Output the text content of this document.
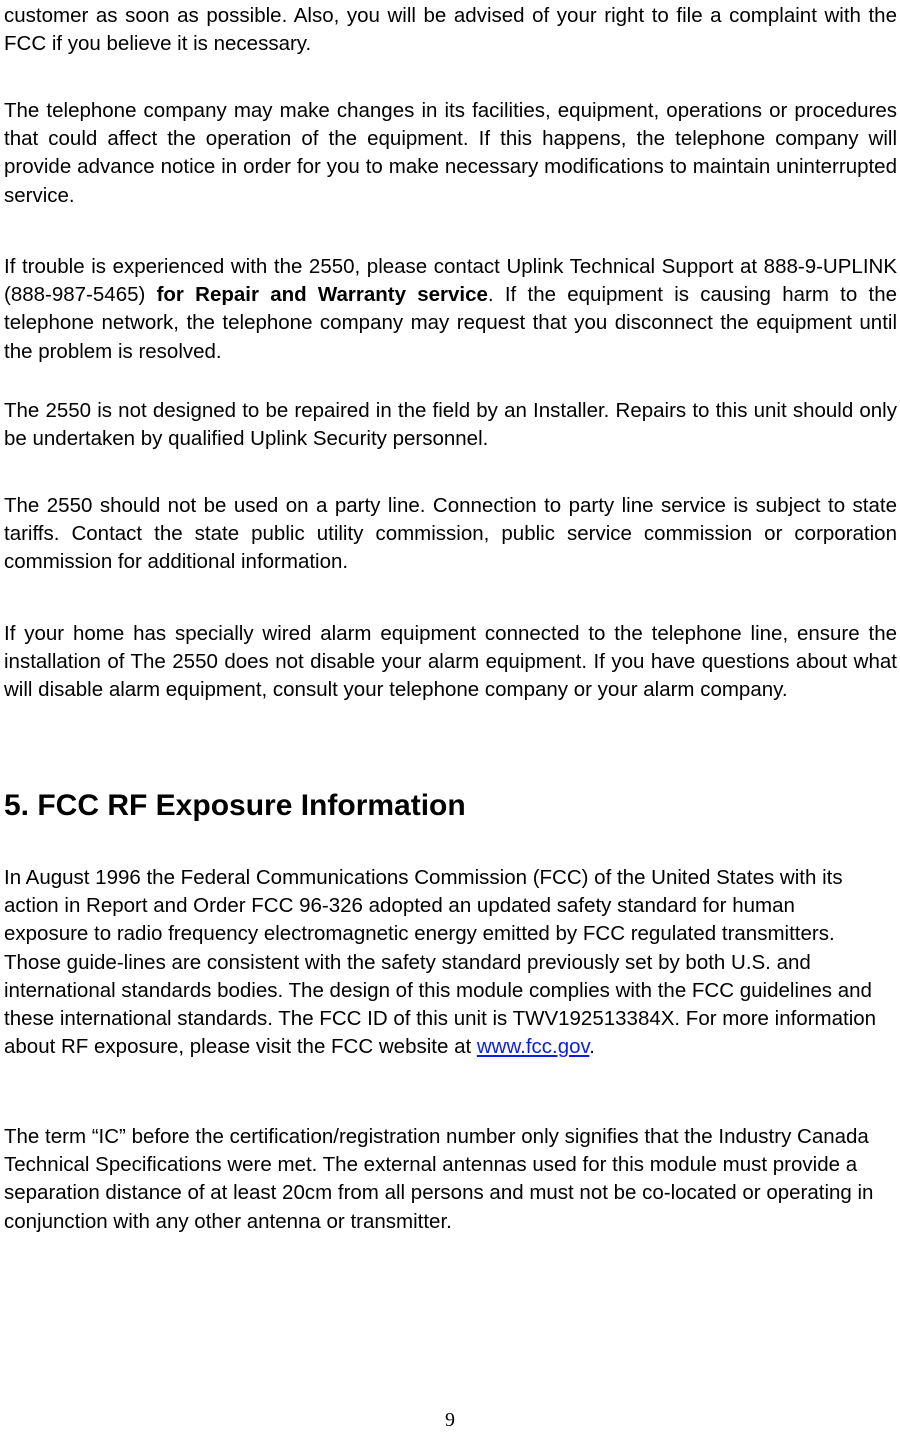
customer as soon as possible. Also, you will be advised of your right to file a complaint with the FCC if you believe it is necessary.

The telephone company may make changes in its facilities, equipment, operations or procedures that could affect the operation of the equipment. If this happens, the telephone company will provide advance notice in order for you to make necessary modifications to maintain uninterrupted service.

If trouble is experienced with the 2550, please contact Uplink Technical Support at 888-9-UPLINK (888-987-5465) for Repair and Warranty service. If the equipment is causing harm to the telephone network, the telephone company may request that you disconnect the equipment until the problem is resolved.

The 2550 is not designed to be repaired in the field by an Installer. Repairs to this unit should only be undertaken by qualified Uplink Security personnel.

The 2550 should not be used on a party line. Connection to party line service is subject to state tariffs. Contact the state public utility commission, public service commission or corporation commission for additional information.

If your home has specially wired alarm equipment connected to the telephone line, ensure the installation of The 2550 does not disable your alarm equipment. If you have questions about what will disable alarm equipment, consult your telephone company or your alarm company.

5. FCC RF Exposure Information

In August 1996 the Federal Communications Commission (FCC) of the United States with its action in Report and Order FCC 96-326 adopted an updated safety standard for human exposure to radio frequency electromagnetic energy emitted by FCC regulated transmitters. Those guide-lines are consistent with the safety standard previously set by both U.S. and international standards bodies. The design of this module complies with the FCC guidelines and these international standards. The FCC ID of this unit is TWV192513384X. For more information about RF exposure, please visit the FCC website at www.fcc.gov.

The term “IC” before the certification/registration number only signifies that the Industry Canada Technical Specifications were met. The external antennas used for this module must provide a separation distance of at least 20cm from all persons and must not be co-located or operating in conjunction with any other antenna or transmitter.

9
